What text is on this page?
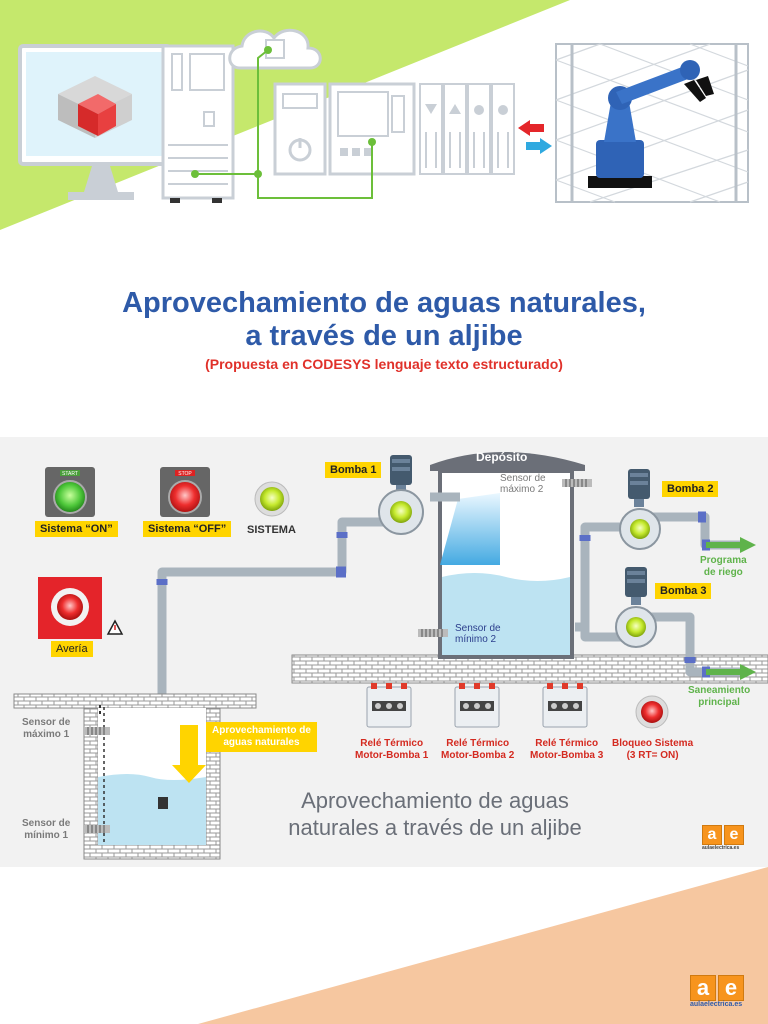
Aprovechamiento de aguas naturales,
a través de un aljibe
(Propuesta en CODESYS lenguaje texto estructurado)
START	STOP
Sistema “ON”	Sistema “OFF”	SISTEMA
Avería
Bomba 1
Bomba 2
Bomba 3
Depósito
Sensor de
máximo 2
Sensor de
mínimo 2
Programa
de riego
Saneamiento
principal
Relé Térmico
Motor-Bomba 1
Relé Térmico
Motor-Bomba 2
Relé Térmico
Motor-Bomba 3
Bloqueo Sistema
(3 RT= ON)
Sensor de
máximo 1
Sensor de
mínimo 1
Aprovechamiento de
aguas naturales
Aprovechamiento de aguas
naturales a través de un aljibe	a e
aulaelectrica.es
a e
aulaelectrica.es
